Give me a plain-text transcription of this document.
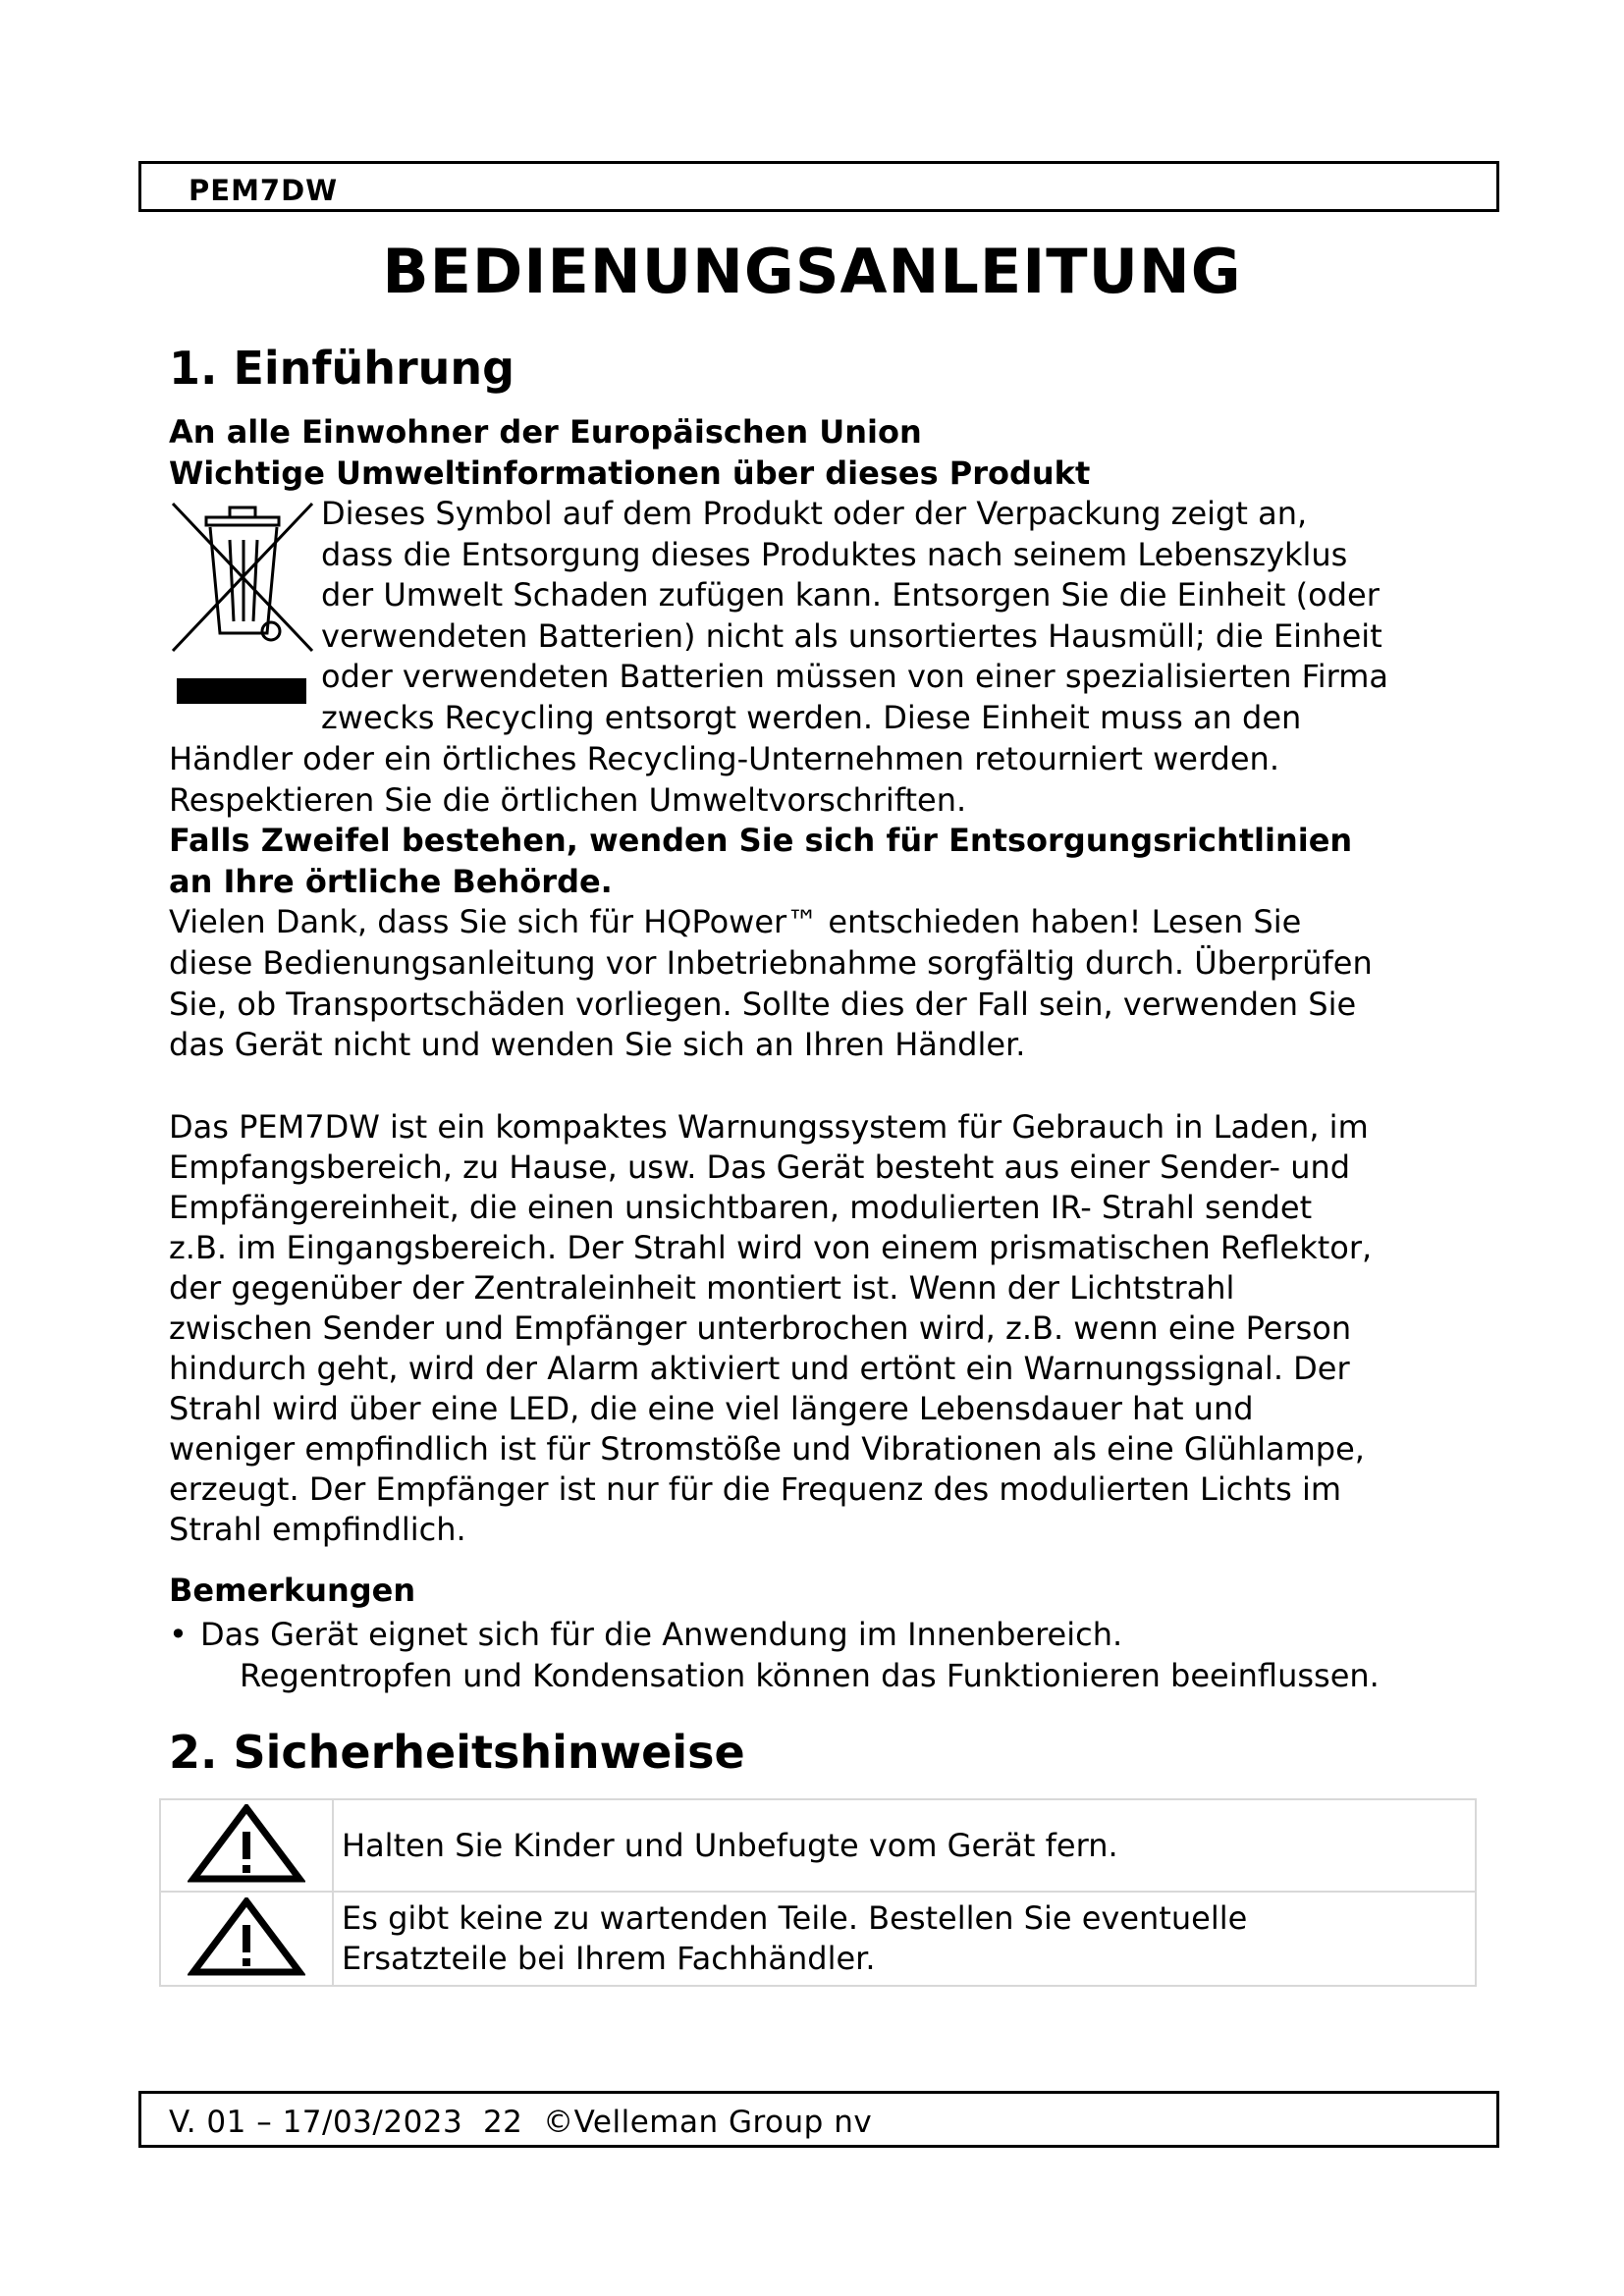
PEM7DW
BEDIENUNGSANLEITUNG
1. Einführung
An alle Einwohner der Europäischen Union
Wichtige Umweltinformationen über dieses Produkt
Dieses Symbol auf dem Produkt oder der Verpackung zeigt an,
dass die Entsorgung dieses Produktes nach seinem Lebenszyklus
der Umwelt Schaden zufügen kann. Entsorgen Sie die Einheit (oder
verwendeten Batterien) nicht als unsortiertes Hausmüll; die Einheit
oder verwendeten Batterien müssen von einer spezialisierten Firma
zwecks Recycling entsorgt werden. Diese Einheit muss an den
Händler oder ein örtliches Recycling-Unternehmen retourniert werden.
Respektieren Sie die örtlichen Umweltvorschriften.
Falls Zweifel bestehen, wenden Sie sich für Entsorgungsrichtlinien
an Ihre örtliche Behörde.
Vielen Dank, dass Sie sich für HQPower™ entschieden haben! Lesen Sie
diese Bedienungsanleitung vor Inbetriebnahme sorgfältig durch. Überprüfen
Sie, ob Transportschäden vorliegen. Sollte dies der Fall sein, verwenden Sie
das Gerät nicht und wenden Sie sich an Ihren Händler.
Das PEM7DW ist ein kompaktes Warnungssystem für Gebrauch in Laden, im
Empfangsbereich, zu Hause, usw. Das Gerät besteht aus einer Sender- und
Empfängereinheit, die einen unsichtbaren, modulierten IR- Strahl sendet
z.B. im Eingangsbereich. Der Strahl wird von einem prismatischen Reflektor,
der gegenüber der Zentraleinheit montiert ist. Wenn der Lichtstrahl
zwischen Sender und Empfänger unterbrochen wird, z.B. wenn eine Person
hindurch geht, wird der Alarm aktiviert und ertönt ein Warnungssignal. Der
Strahl wird über eine LED, die eine viel längere Lebensdauer hat und
weniger empfindlich ist für Stromstöße und Vibrationen als eine Glühlampe,
erzeugt. Der Empfänger ist nur für die Frequenz des modulierten Lichts im
Strahl empfindlich.
Bemerkungen
• Das Gerät eignet sich für die Anwendung im Innenbereich.
Regentropfen und Kondensation können das Funktionieren beeinflussen.
2. Sicherheitshinweise

Halten Sie Kinder und Unbefugte vom Gerät fern.

Es gibt keine zu wartenden Teile. Bestellen Sie eventuelle
Ersatzteile bei Ihrem Fachhändler.
V. 01 – 17/03/2023  22  ©Velleman Group nv
